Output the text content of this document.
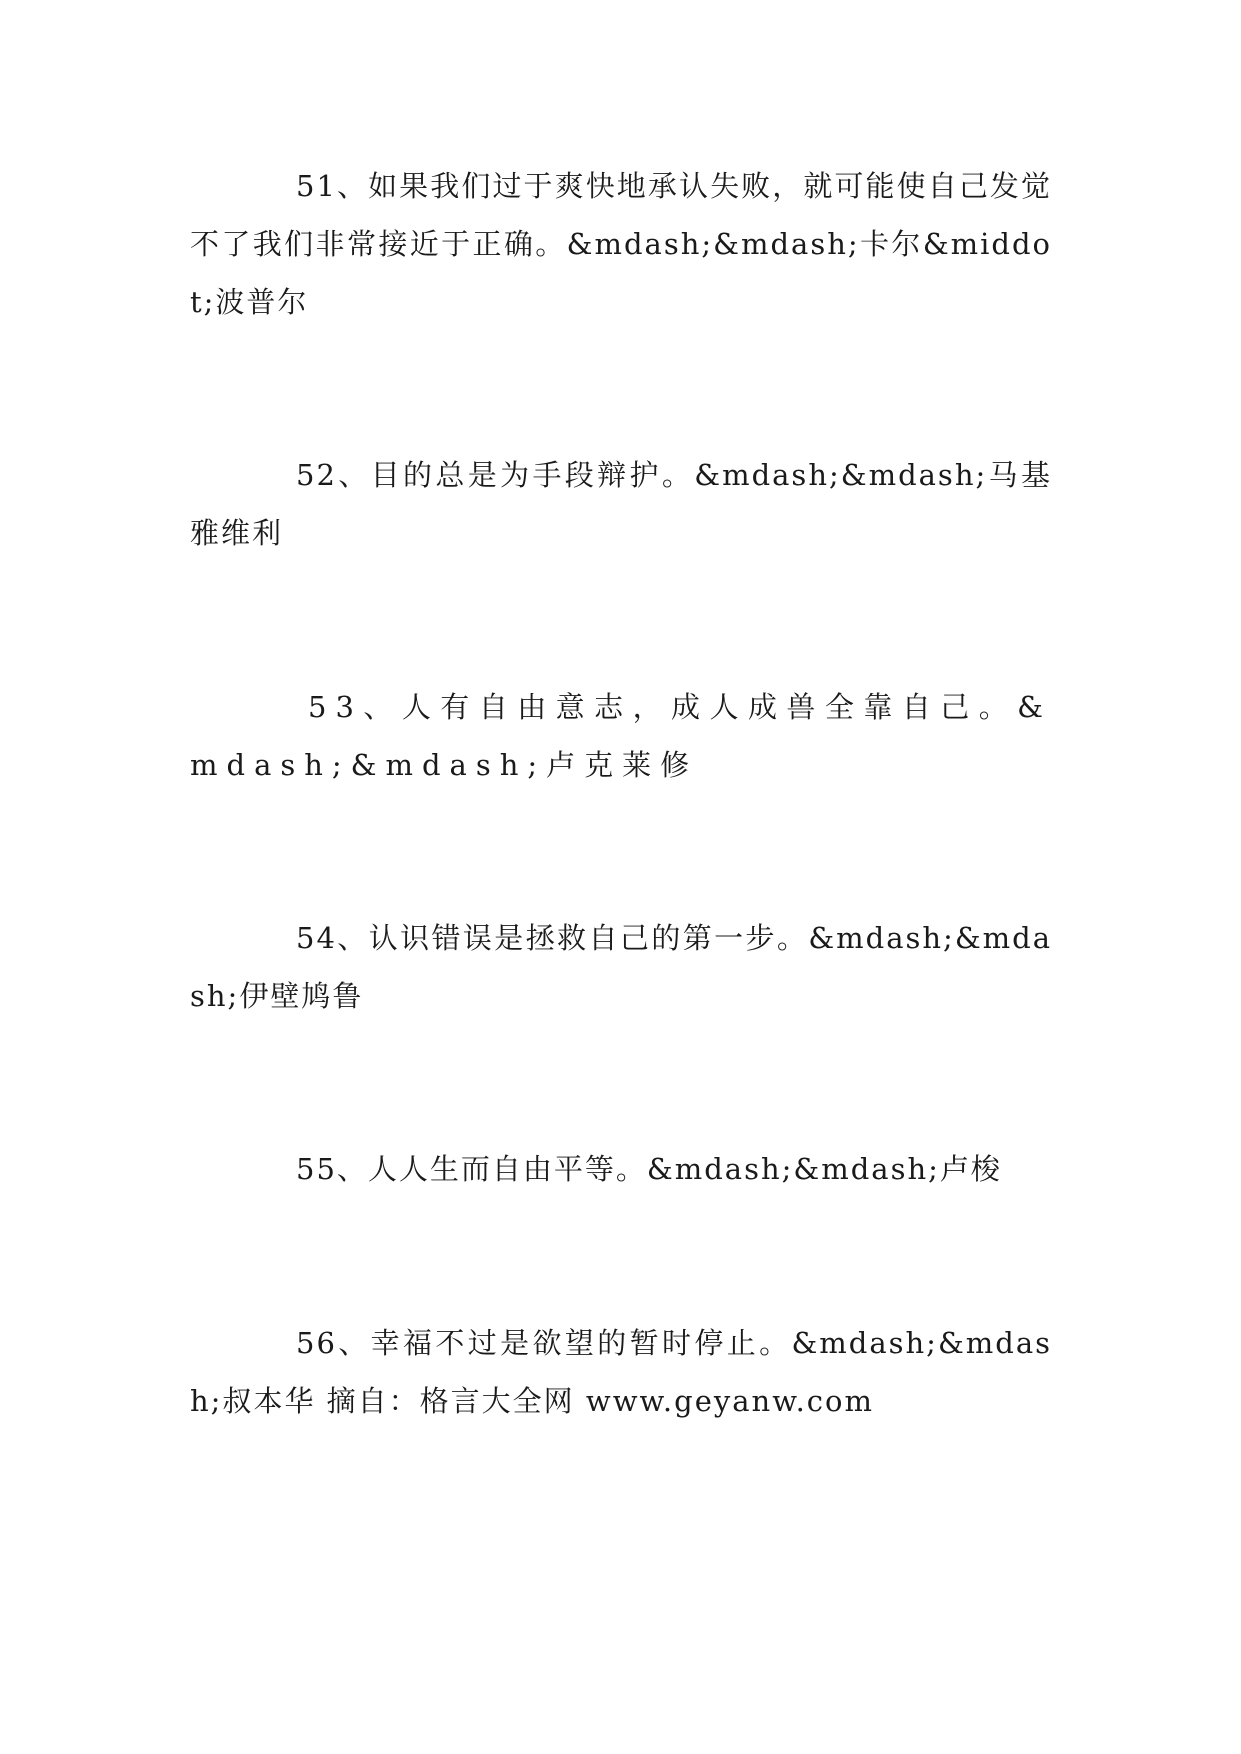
51、如果我们过于爽快地承认失败，就可能使自己发觉不了我们非常接近于正确。&mdash;&mdash;卡尔&middot;波普尔

52、目的总是为手段辩护。&mdash;&mdash;马基雅维利

53、人有自由意志，成人成兽全靠自己。&mdash;&mdash;卢克莱修

54、认识错误是拯救自己的第一步。&mdash;&mdash;伊壁鸠鲁

55、人人生而自由平等。&mdash;&mdash;卢梭

56、幸福不过是欲望的暂时停止。&mdash;&mdash;叔本华 摘自：格言大全网 www.geyanw.com
